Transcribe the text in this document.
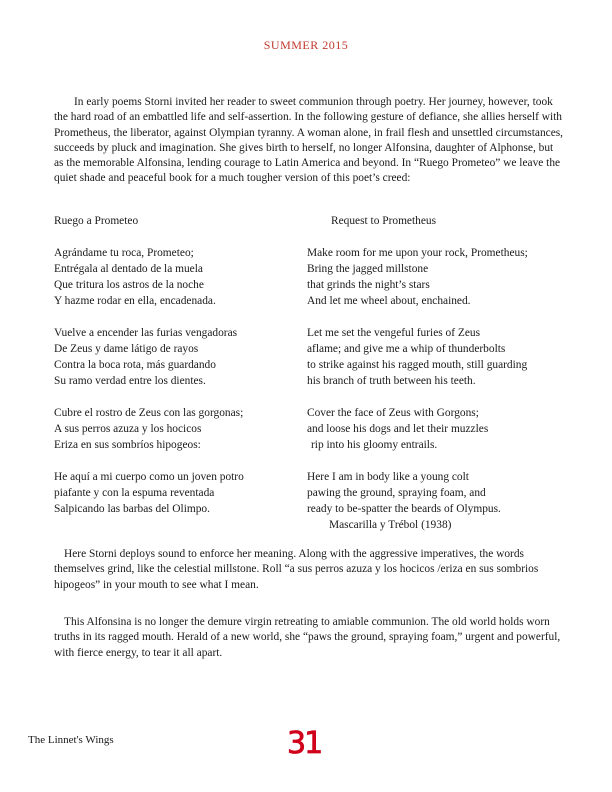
SUMMER 2015

In early poems Storni invited her reader to sweet communion through poetry. Her journey, however, took the hard road of an embattled life and self-assertion. In the following gesture of defiance, she allies herself with Prometheus, the liberator, against Olympian tyranny. A woman alone, in frail flesh and unsettled circumstances, succeeds by pluck and imagination. She gives birth to herself, no longer Alfonsina, daughter of Alphonse, but as the memorable Alfonsina, lending courage to Latin America and beyond. In “Ruego Prometeo” we leave the quiet shade and peaceful book for a much tougher version of this poet’s creed:

Ruego a Prometeo
Agrándame tu roca, Prometeo;
Entrégala al dentado de la muela
Que tritura los astros de la noche
Y hazme rodar en ella, encadenada.
Vuelve a encender las furias vengadoras
De Zeus y dame látigo de rayos
Contra la boca rota, más guardando
Su ramo verdad entre los dientes.
Cubre el rostro de Zeus con las gorgonas;
A sus perros azuza y los hocicos
Eriza en sus sombríos hipogeos:
He aquí a mi cuerpo como un joven potro
piafante y con la espuma reventada
Salpicando las barbas del Olimpo.
Request to Prometheus
Make room for me upon your rock, Prometheus;
Bring the jagged millstone
that grinds the night’s stars
And let me wheel about, enchained.
Let me set the vengeful furies of Zeus
aflame; and give me a whip of thunderbolts
to strike against his ragged mouth, still guarding
his branch of truth between his teeth.
Cover the face of Zeus with Gorgons;
and loose his dogs and let their muzzles
rip into his gloomy entrails.
Here I am in body like a young colt
pawing the ground, spraying foam, and
ready to be-spatter the beards of Olympus.
Mascarilla y Trébol (1938)

Here Storni deploys sound to enforce her meaning. Along with the aggressive imperatives, the words themselves grind, like the celestial millstone. Roll “a sus perros azuza y los hocicos /eriza en sus sombrios hipogeos” in your mouth to see what I mean.

This Alfonsina is no longer the demure virgin retreating to amiable communion. The old world holds worn truths in its ragged mouth. Herald of a new world, she “paws the ground, spraying foam,” urgent and powerful, with fierce energy, to tear it all apart.

The Linnet's Wings	31
